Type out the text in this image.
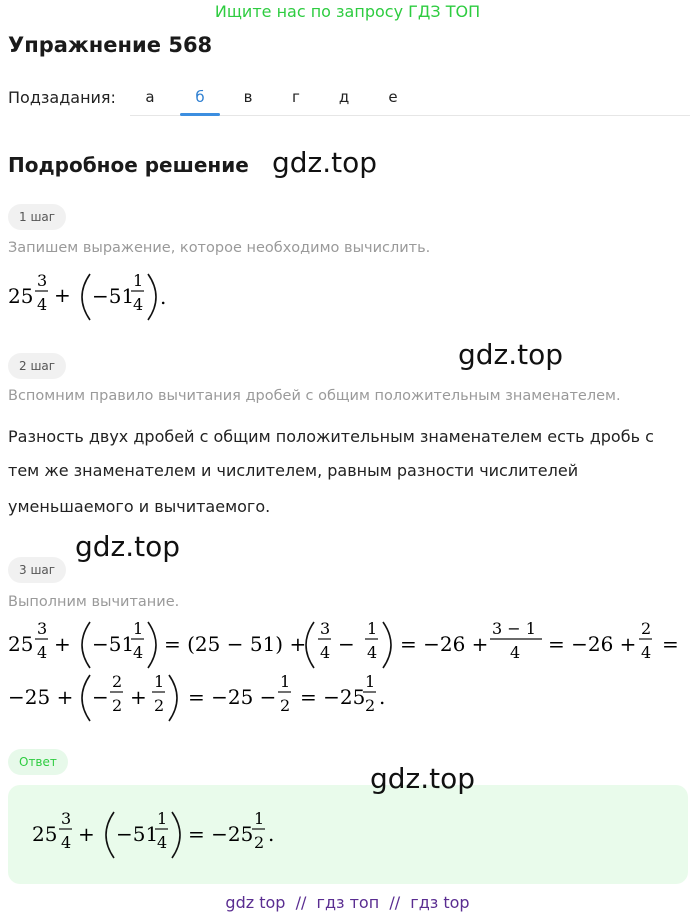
Ищите нас по запросу ГДЗ ТОП
Упражнение 568
Подзадания:	а	б	в	г	д	е
Подробное решение gdz.top
1 шаг
Запишем выражение, которое необходимо вычислить.
25
3
4 + −51
1
4 .
2 шаг	gdz.top
Вспомним правило вычитания дробей с общим положительным знаменателем.
Разность двух дробей с общим положительным знаменателем есть дробь с
тем же знаменателем и числителем, равным разности числителей
уменьшаемого и вычитаемого.
gdz.top
3 шаг
Выполним вычитание.
25
3
4 + −51
1
4 = (25 − 51) +
3
4 −
1
4 = −26 +
3 − 1
4 = −26 +
2
4 =
−25 + −
2
2 +
1
2 = −25 −
1
2 = −25
1
2 .
Ответ	gdz.top
25
3
4 + −51
1
4 = −25
1
2 .
gdz top  //  гдз топ  //  гдз top
